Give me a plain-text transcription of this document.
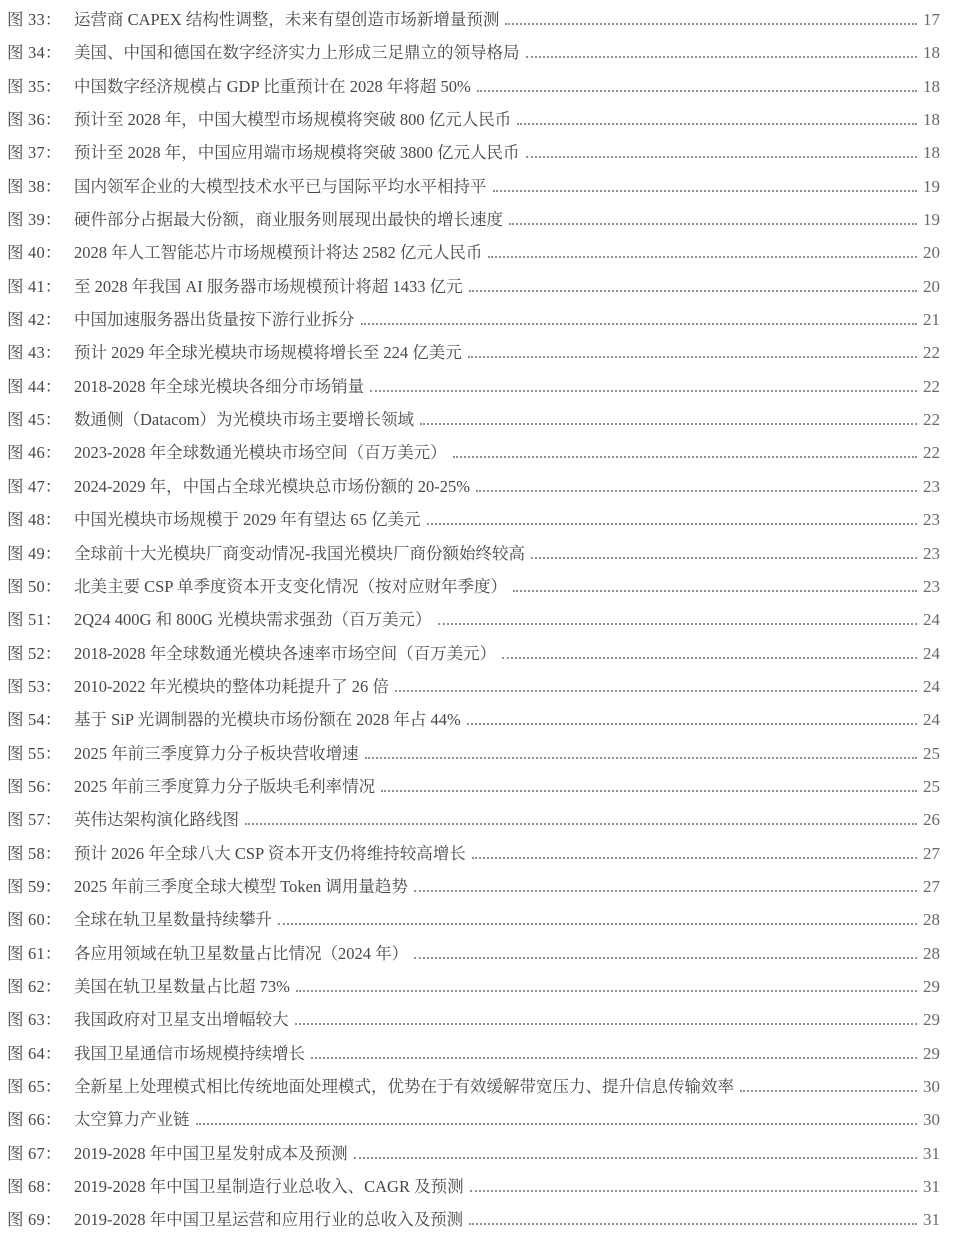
图 33： 运营商 CAPEX 结构性调整，未来有望创造市场新增量预测	17
图 34： 美国、中国和德国在数字经济实力上形成三足鼎立的领导格局	18
图 35： 中国数字经济规模占 GDP 比重预计在 2028 年将超 50%	18
图 36： 预计至 2028 年，中国大模型市场规模将突破 800 亿元人民币	18
图 37： 预计至 2028 年，中国应用端市场规模将突破 3800 亿元人民币	18
图 38： 国内领军企业的大模型技术水平已与国际平均水平相持平	19
图 39： 硬件部分占据最大份额，商业服务则展现出最快的增长速度	19
图 40： 2028 年人工智能芯片市场规模预计将达 2582 亿元人民币	20
图 41： 至 2028 年我国 AI 服务器市场规模预计将超 1433 亿元	20
图 42： 中国加速服务器出货量按下游行业拆分	21
图 43： 预计 2029 年全球光模块市场规模将增长至 224 亿美元	22
图 44： 2018-2028 年全球光模块各细分市场销量	22
图 45： 数通侧（Datacom）为光模块市场主要增长领域	22
图 46： 2023-2028 年全球数通光模块市场空间（百万美元）	22
图 47： 2024-2029 年，中国占全球光模块总市场份额的 20-25%	23
图 48： 中国光模块市场规模于 2029 年有望达 65 亿美元	23
图 49： 全球前十大光模块厂商变动情况-我国光模块厂商份额始终较高	23
图 50： 北美主要 CSP 单季度资本开支变化情况（按对应财年季度）	23
图 51： 2Q24 400G 和 800G 光模块需求强劲（百万美元）	24
图 52： 2018-2028 年全球数通光模块各速率市场空间（百万美元）	24
图 53： 2010-2022 年光模块的整体功耗提升了 26 倍	24
图 54： 基于 SiP 光调制器的光模块市场份额在 2028 年占 44%	24
图 55： 2025 年前三季度算力分子板块营收增速	25
图 56： 2025 年前三季度算力分子版块毛利率情况	25
图 57： 英伟达架构演化路线图	26
图 58： 预计 2026 年全球八大 CSP 资本开支仍将维持较高增长	27
图 59： 2025 年前三季度全球大模型 Token 调用量趋势	27
图 60： 全球在轨卫星数量持续攀升	28
图 61： 各应用领域在轨卫星数量占比情况（2024 年）	28
图 62： 美国在轨卫星数量占比超 73%	29
图 63： 我国政府对卫星支出增幅较大	29
图 64： 我国卫星通信市场规模持续增长	29
图 65： 全新星上处理模式相比传统地面处理模式，优势在于有效缓解带宽压力、提升信息传输效率	30
图 66： 太空算力产业链	30
图 67： 2019-2028 年中国卫星发射成本及预测	31
图 68： 2019-2028 年中国卫星制造行业总收入、CAGR 及预测	31
图 69： 2019-2028 年中国卫星运营和应用行业的总收入及预测	31
